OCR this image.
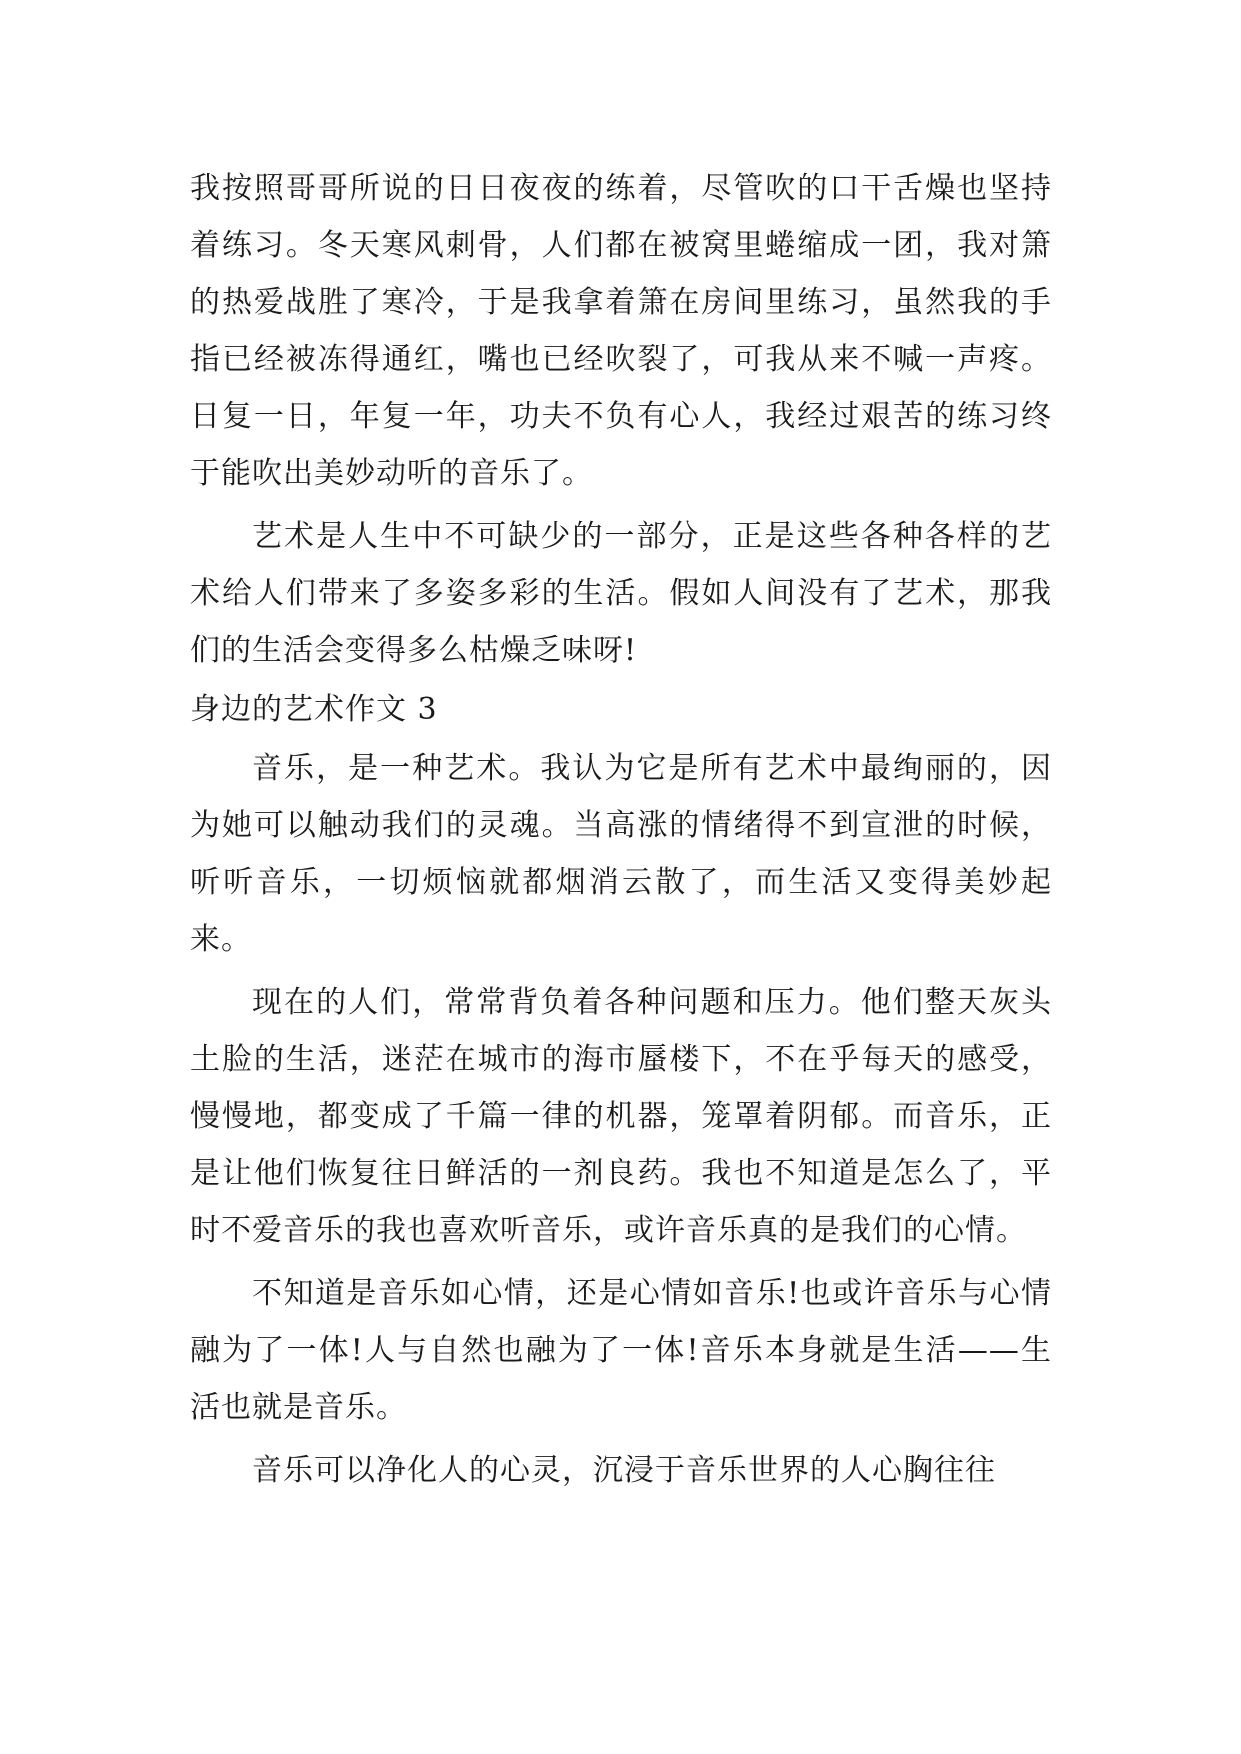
我按照哥哥所说的日日夜夜的练着，尽管吹的口干舌燥也坚持着练习。冬天寒风刺骨，人们都在被窝里蜷缩成一团，我对箫的热爱战胜了寒冷，于是我拿着箫在房间里练习，虽然我的手指已经被冻得通红，嘴也已经吹裂了，可我从来不喊一声疼。日复一日，年复一年，功夫不负有心人，我经过艰苦的练习终于能吹出美妙动听的音乐了。

艺术是人生中不可缺少的一部分，正是这些各种各样的艺术给人们带来了多姿多彩的生活。假如人间没有了艺术，那我们的生活会变得多么枯燥乏味呀!

身边的艺术作文 3

音乐，是一种艺术。我认为它是所有艺术中最绚丽的，因为她可以触动我们的灵魂。当高涨的情绪得不到宣泄的时候，听听音乐，一切烦恼就都烟消云散了，而生活又变得美妙起来。

现在的人们，常常背负着各种问题和压力。他们整天灰头土脸的生活，迷茫在城市的海市蜃楼下，不在乎每天的感受，慢慢地，都变成了千篇一律的机器，笼罩着阴郁。而音乐，正是让他们恢复往日鲜活的一剂良药。我也不知道是怎么了，平时不爱音乐的我也喜欢听音乐，或许音乐真的是我们的心情。

不知道是音乐如心情，还是心情如音乐!也或许音乐与心情融为了一体!人与自然也融为了一体!音乐本身就是生活——生活也就是音乐。

音乐可以净化人的心灵，沉浸于音乐世界的人心胸往往
